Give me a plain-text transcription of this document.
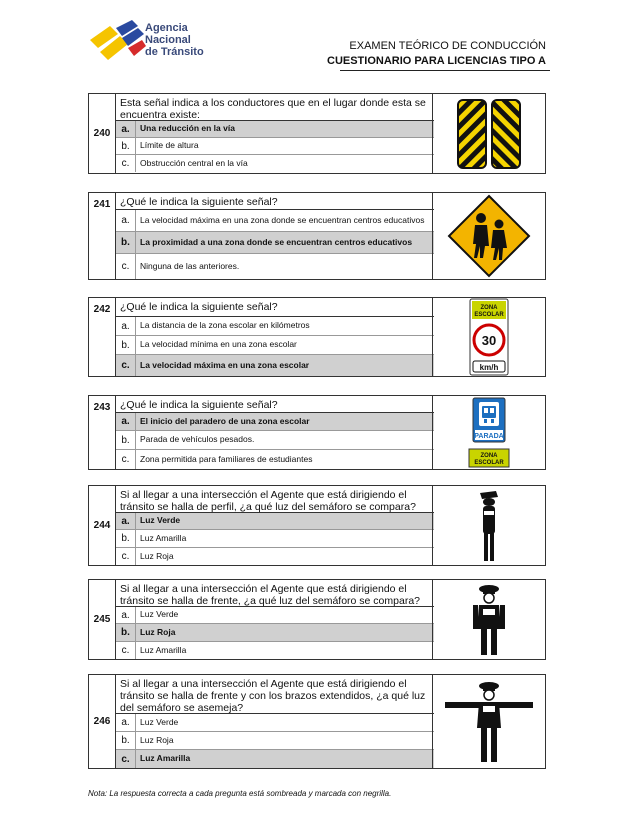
Agencia
Nacional
de Tránsito	EXAMEN TEÓRICO DE CONDUCCIÓN
CUESTIONARIO PARA LICENCIAS TIPO A
240
Esta señal indica a los conductores que en el lugar donde esta se encuentra existe:
a.	Una reducción en la vía
b.	Límite de altura
c.	Obstrucción central en la vía
241 ¿Qué le indica la siguiente señal?
a.	La velocidad máxima en una zona donde se encuentran centros educativos
b.	La proximidad a una zona donde se encuentran centros educativos
c.	Ninguna de las anteriores.
242 ¿Qué le indica la siguiente señal?
a.	La distancia de la zona escolar en kilómetros
b.	La velocidad mínima en una zona escolar
c.	La velocidad máxima en una zona escolar
ZONA
ESCOLAR
30
km/h
243 ¿Qué le indica la siguiente señal?
a.	El inicio del paradero de una zona escolar
b.	Parada de vehículos pesados.
c.	Zona permitida para familiares de estudiantes
PARADA
ZONA
ESCOLAR
244
Si al llegar a una intersección el Agente que está dirigiendo el tránsito se halla de perfil, ¿a qué luz del semáforo se compara?
a.	Luz Verde
b.	Luz Amarilla
c.	Luz Roja
245
Si al llegar a una intersección el Agente que está dirigiendo el tránsito se halla de frente, ¿a qué luz del semáforo se compara?
a.	Luz Verde
b.	Luz Roja
c.	Luz Amarilla
246
Si al llegar a una intersección el Agente que está dirigiendo el tránsito se halla de frente y con los brazos extendidos, ¿a qué luz del semáforo se asemeja?
a.	Luz Verde
b.	Luz Roja
c.	Luz Amarilla
Nota: La respuesta correcta a cada pregunta está sombreada y marcada con negrilla.
